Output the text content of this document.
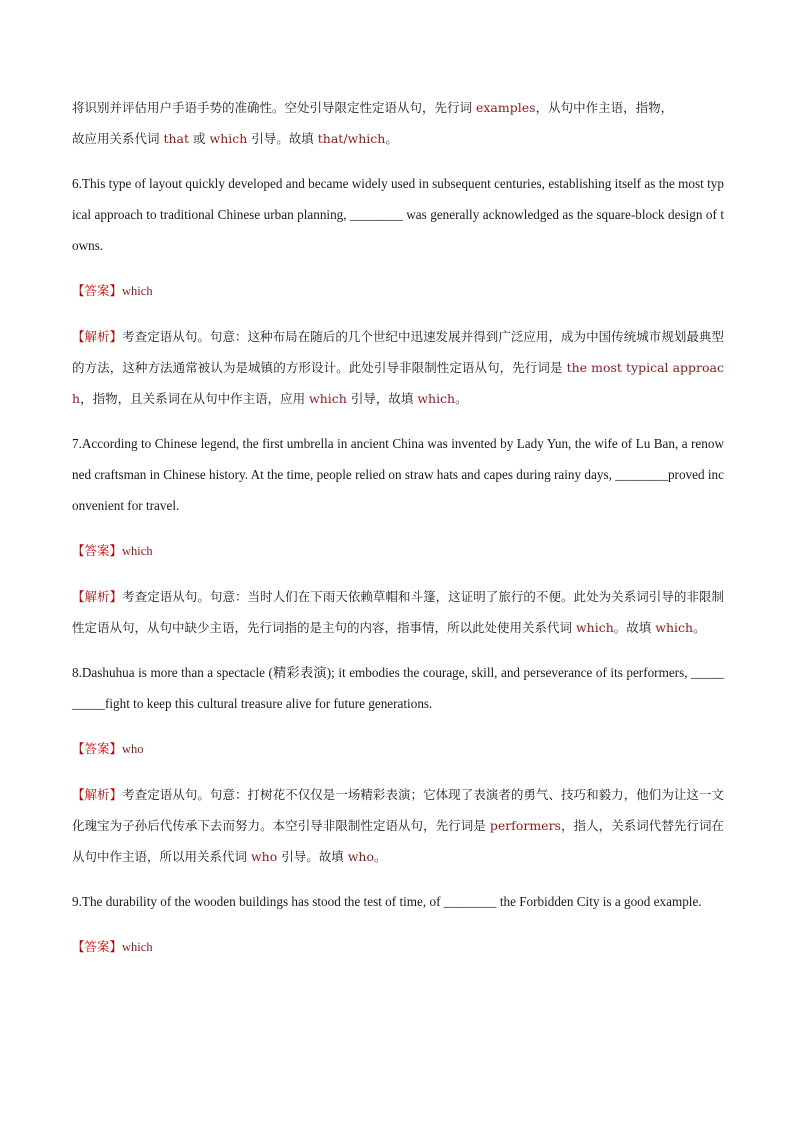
将识别并评估用户手语手势的准确性。空处引导限定性定语从句，先行词 examples，从句中作主语，指物，
故应用关系代词 that 或 which 引导。故填 that/which。

6.This type of layout quickly developed and became widely used in subsequent centuries, establishing itself as the most typical approach to traditional Chinese urban planning, ________ was generally acknowledged as the square-block design of towns.

【答案】which

【解析】考查定语从句。句意：这种布局在随后的几个世纪中迅速发展并得到广泛应用，成为中国传统城市规划最典型的方法，这种方法通常被认为是城镇的方形设计。此处引导非限制性定语从句，先行词是 the most typical approach，指物，且关系词在从句中作主语，应用 which 引导，故填 which。

7.According to Chinese legend, the first umbrella in ancient China was invented by Lady Yun, the wife of Lu Ban, a renowned craftsman in Chinese history. At the time, people relied on straw hats and capes during rainy days, ________proved inconvenient for travel.

【答案】which

【解析】考查定语从句。句意：当时人们在下雨天依赖草帽和斗篷，这证明了旅行的不便。此处为关系词引导的非限制性定语从句，从句中缺少主语，先行词指的是主句的内容，指事情，所以此处使用关系代词 which。故填 which。

8.Dashuhua is more than a spectacle (精彩表演); it embodies the courage, skill, and perseverance of its performers, __________fight to keep this cultural treasure alive for future generations.

【答案】who

【解析】考查定语从句。句意：打树花不仅仅是一场精彩表演；它体现了表演者的勇气、技巧和毅力，他们为让这一文化瑰宝为子孙后代传承下去而努力。本空引导非限制性定语从句，先行词是 performers，指人，关系词代替先行词在从句中作主语，所以用关系代词 who 引导。故填 who。

9.The durability of the wooden buildings has stood the test of time, of ________ the Forbidden City is a good example.

【答案】which
